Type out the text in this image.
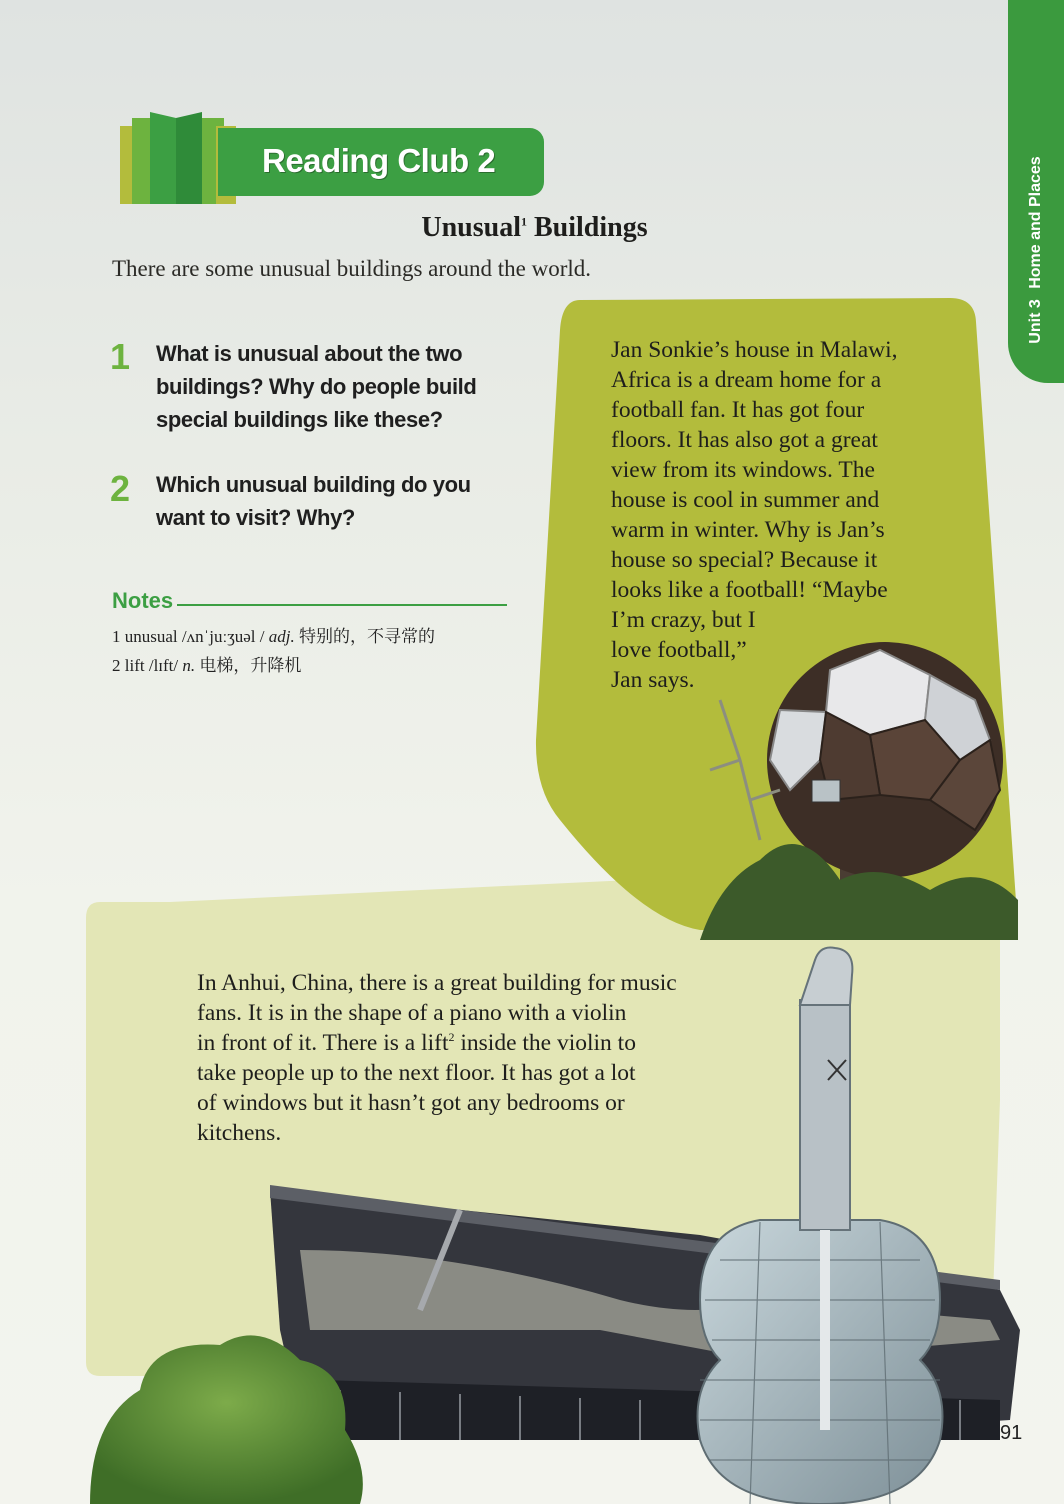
Unit 3 Home and Places
Reading Club 2
Unusual$^1$ Buildings
There are some unusual buildings around the world.
1 What is unusual about the two buildings? Why do people build special buildings like these?
2 Which unusual building do you want to visit? Why?
Notes
1 unusual /ʌnˈjuːʒuəl / adj. 特别的，不寻常的
2 lift /lɪft/ n. 电梯，升降机
Jan Sonkie’s house in Malawi,
Africa is a dream home for a
football fan. It has got four
floors. It has also got a great
view from its windows. The
house is cool in summer and
warm in winter. Why is Jan’s
house so special? Because it
looks like a football! “Maybe
I’m crazy, but I
love football,”
Jan says.
In Anhui, China, there is a great building for music
fans. It is in the shape of a piano with a violin
in front of it. There is a lift$^2$ inside the violin to
take people up to the next floor. It has got a lot
of windows but it hasn’t got any bedrooms or
kitchens.
91
